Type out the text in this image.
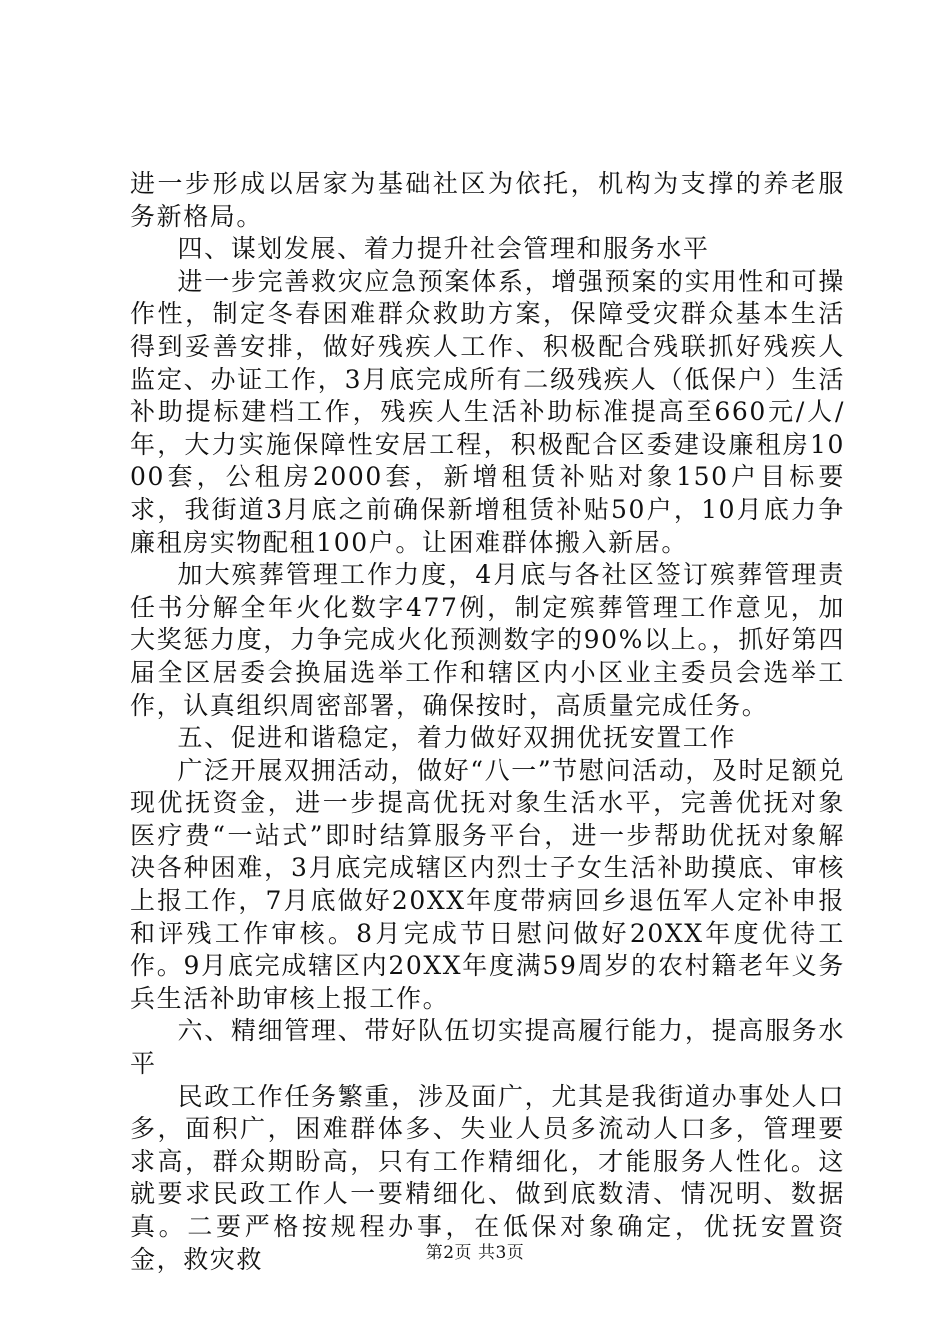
进一步形成以居家为基础社区为依托，机构为支撑的养老服务新格局。

四、谋划发展、着力提升社会管理和服务水平

进一步完善救灾应急预案体系，增强预案的实用性和可操作性，制定冬春困难群众救助方案，保障受灾群众基本生活得到妥善安排，做好残疾人工作、积极配合残联抓好残疾人监定、办证工作，3月底完成所有二级残疾人（低保户）生活补助提标建档工作，残疾人生活补助标准提高至660元/人/年，大力实施保障性安居工程，积极配合区委建设廉租房1000套，公租房2000套，新增租赁补贴对象150户目标要求，我街道3月底之前确保新增租赁补贴50户，10月底力争廉租房实物配租100户。让困难群体搬入新居。

加大殡葬管理工作力度，4月底与各社区签订殡葬管理责任书分解全年火化数字477例，制定殡葬管理工作意见，加大奖惩力度，力争完成火化预测数字的90%以上。，抓好第四届全区居委会换届选举工作和辖区内小区业主委员会选举工作，认真组织周密部署，确保按时，高质量完成任务。

五、促进和谐稳定，着力做好双拥优抚安置工作

广泛开展双拥活动，做好“八一”节慰问活动，及时足额兑现优抚资金，进一步提高优抚对象生活水平，完善优抚对象医疗费“一站式”即时结算服务平台，进一步帮助优抚对象解决各种困难，3月底完成辖区内烈士子女生活补助摸底、审核上报工作，7月底做好20XX年度带病回乡退伍军人定补申报和评残工作审核。8月完成节日慰问做好20XX年度优待工作。9月底完成辖区内20XX年度满59周岁的农村籍老年义务兵生活补助审核上报工作。

六、精细管理、带好队伍切实提高履行能力，提高服务水平

民政工作任务繁重，涉及面广，尤其是我街道办事处人口多，面积广，困难群体多、失业人员多流动人口多，管理要求高，群众期盼高，只有工作精细化，才能服务人性化。这就要求民政工作人一要精细化、做到底数清、情况明、数据真。二要严格按规程办事，在低保对象确定，优抚安置资金，救灾救	第2页 共3页
